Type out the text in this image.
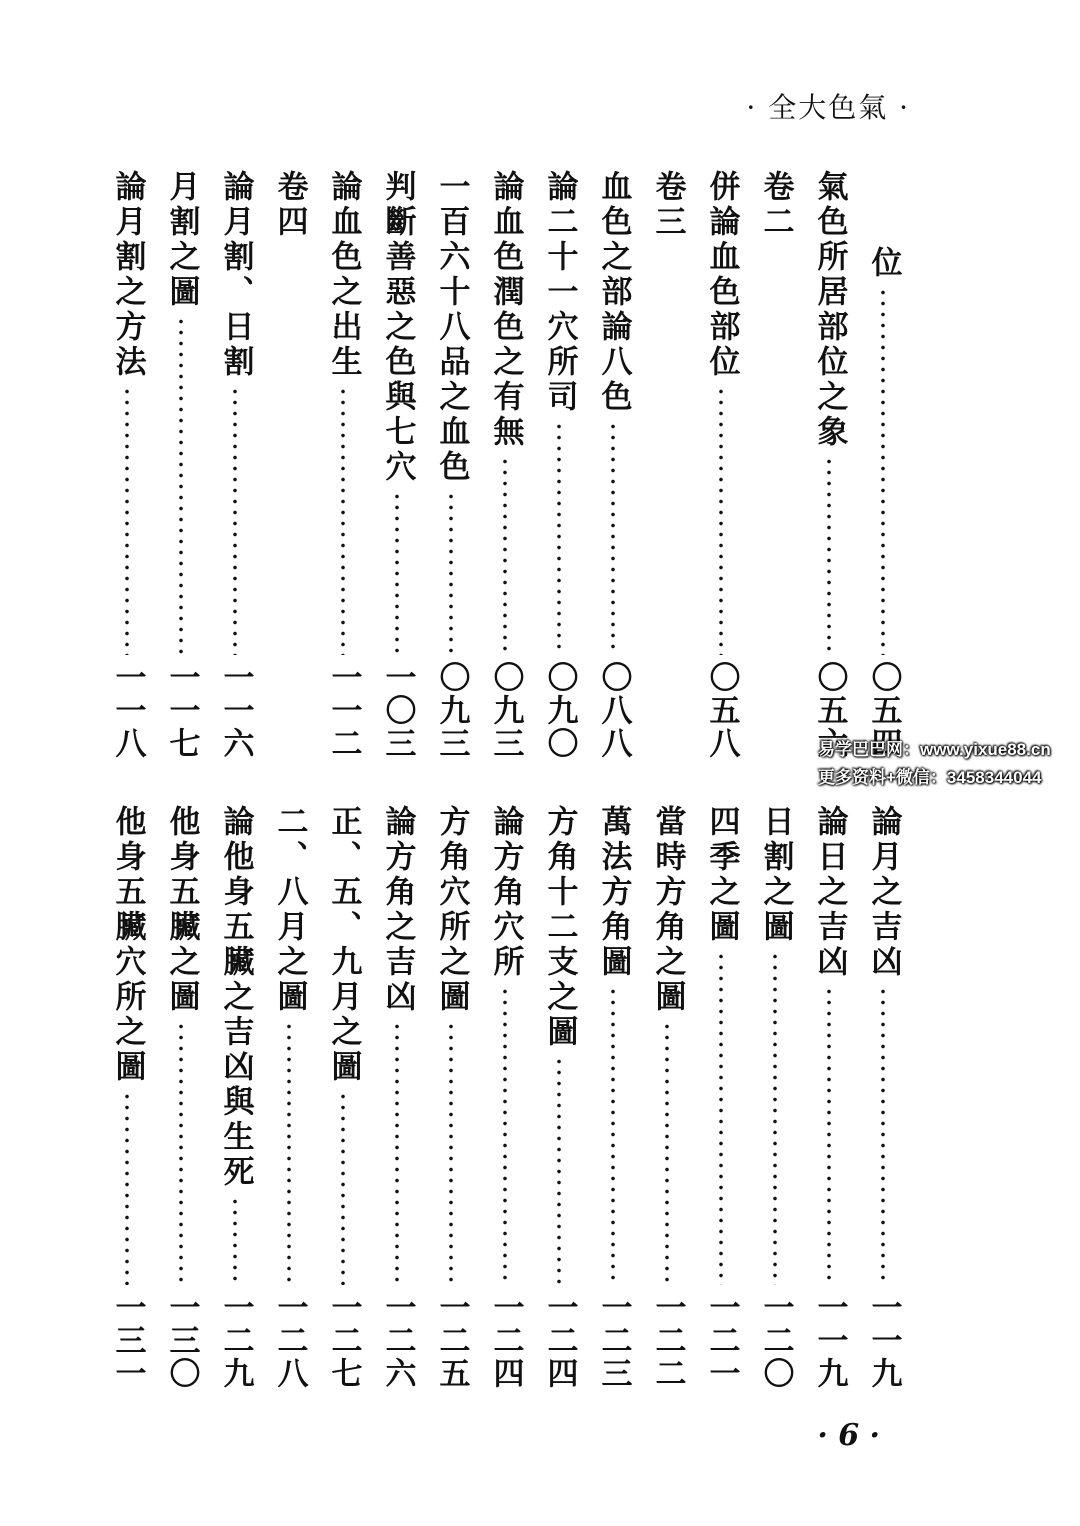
· 全大色氣 ·
位
〇五四
氣色所居部位之象
〇五六
卷二
併論血色部位
〇五八
卷三
血色之部論八色
〇八八
論二十一穴所司
〇九〇
論血色潤色之有無
〇九三
一百六十八品之血色
〇九三
判斷善惡之色與七穴
一〇三
論血色之出生
一一二
卷四
論月割、日割
一一六
月割之圖
一一七
論月割之方法
一一八
論月之吉凶
一一九
論日之吉凶
一一九
日割之圖
一二〇
四季之圖
一二一
當時方角之圖
一二二
萬法方角圖
一二三
方角十二支之圖
一二四
論方角穴所
一二四
方角穴所之圖
一二五
論方角之吉凶
一二六
正、五、九月之圖
一二七
二、八月之圖
一二八
論他身五臟之吉凶與生死
一二九
他身五臟之圖
一三〇
他身五臟穴所之圖
一三一
易学巴巴网：www.yixue88.cn
更多资料+微信：3458344044
· 6 ·
